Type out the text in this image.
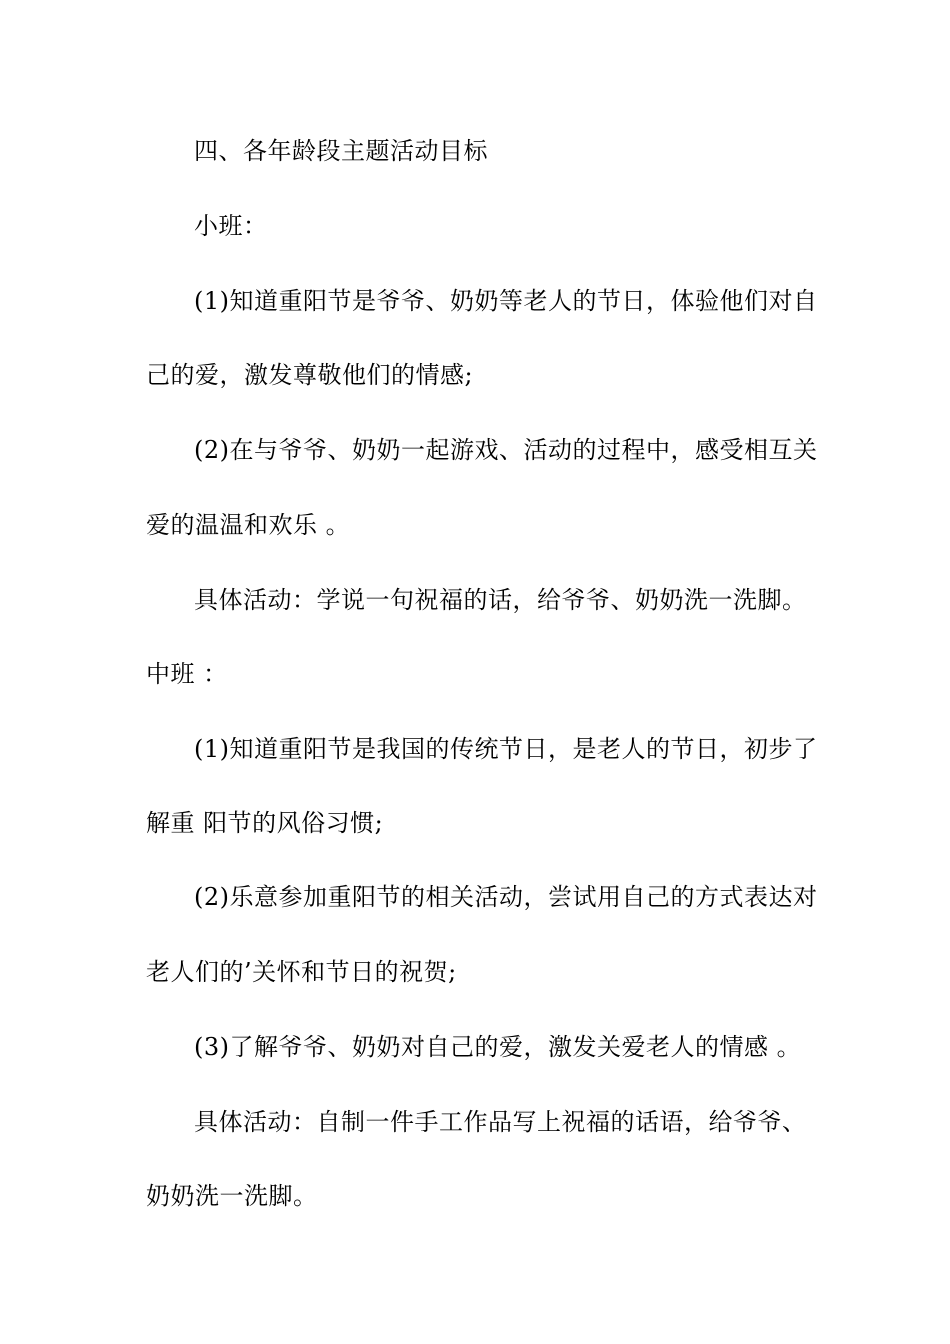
四、各年龄段主题活动目标
小班：
(1)知道重阳节是爷爷、奶奶等老人的节日，体验他们对自
己的爱，激发尊敬他们的情感;
(2)在与爷爷、奶奶一起游戏、活动的过程中，感受相互关
爱的温温和欢乐 。
具体活动：学说一句祝福的话，给爷爷、奶奶洗一洗脚。
中班 ：
(1)知道重阳节是我国的传统节日，是老人的节日，初步了
解重 阳节的风俗习惯;
(2)乐意参加重阳节的相关活动，尝试用自己的方式表达对
老人们的’关怀和节日的祝贺;
(3)了解爷爷、奶奶对自己的爱，激发关爱老人的情感 。
具体活动：自制一件手工作品写上祝福的话语，给爷爷、
奶奶洗一洗脚。
